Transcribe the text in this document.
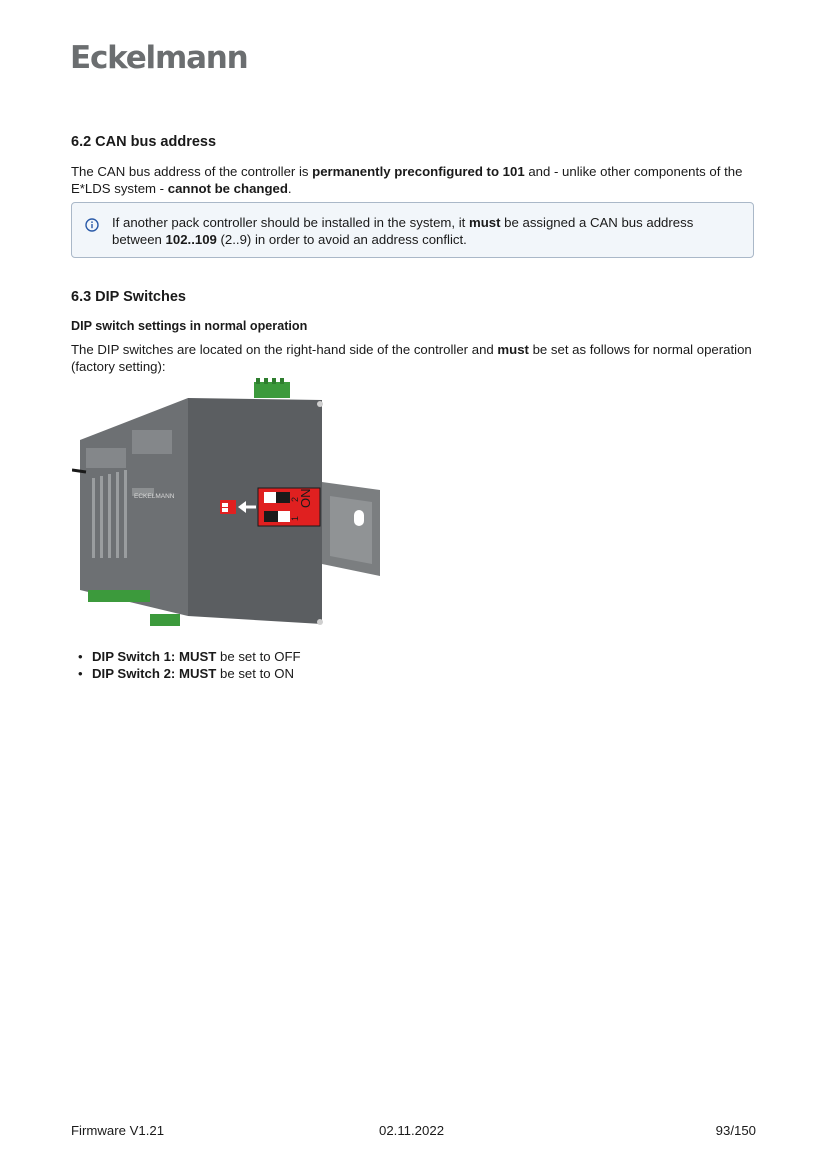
Eckelmann
6.2 CAN bus address

The CAN bus address of the controller is permanently preconfigured to 101 and - unlike other components of the E*LDS system - cannot be changed.

If another pack controller should be installed in the system, it must be assigned a CAN bus address between 102..109 (2..9) in order to avoid an address conflict.
6.3 DIP Switches
DIP switch settings in normal operation

The DIP switches are located on the right-hand side of the controller and must be set as follows for normal operation (factory setting):

ECKELMANN	ON
2
1
• DIP Switch 1: MUST be set to OFF
• DIP Switch 2: MUST be set to ON
Firmware V1.21	02.11.2022	93/150
